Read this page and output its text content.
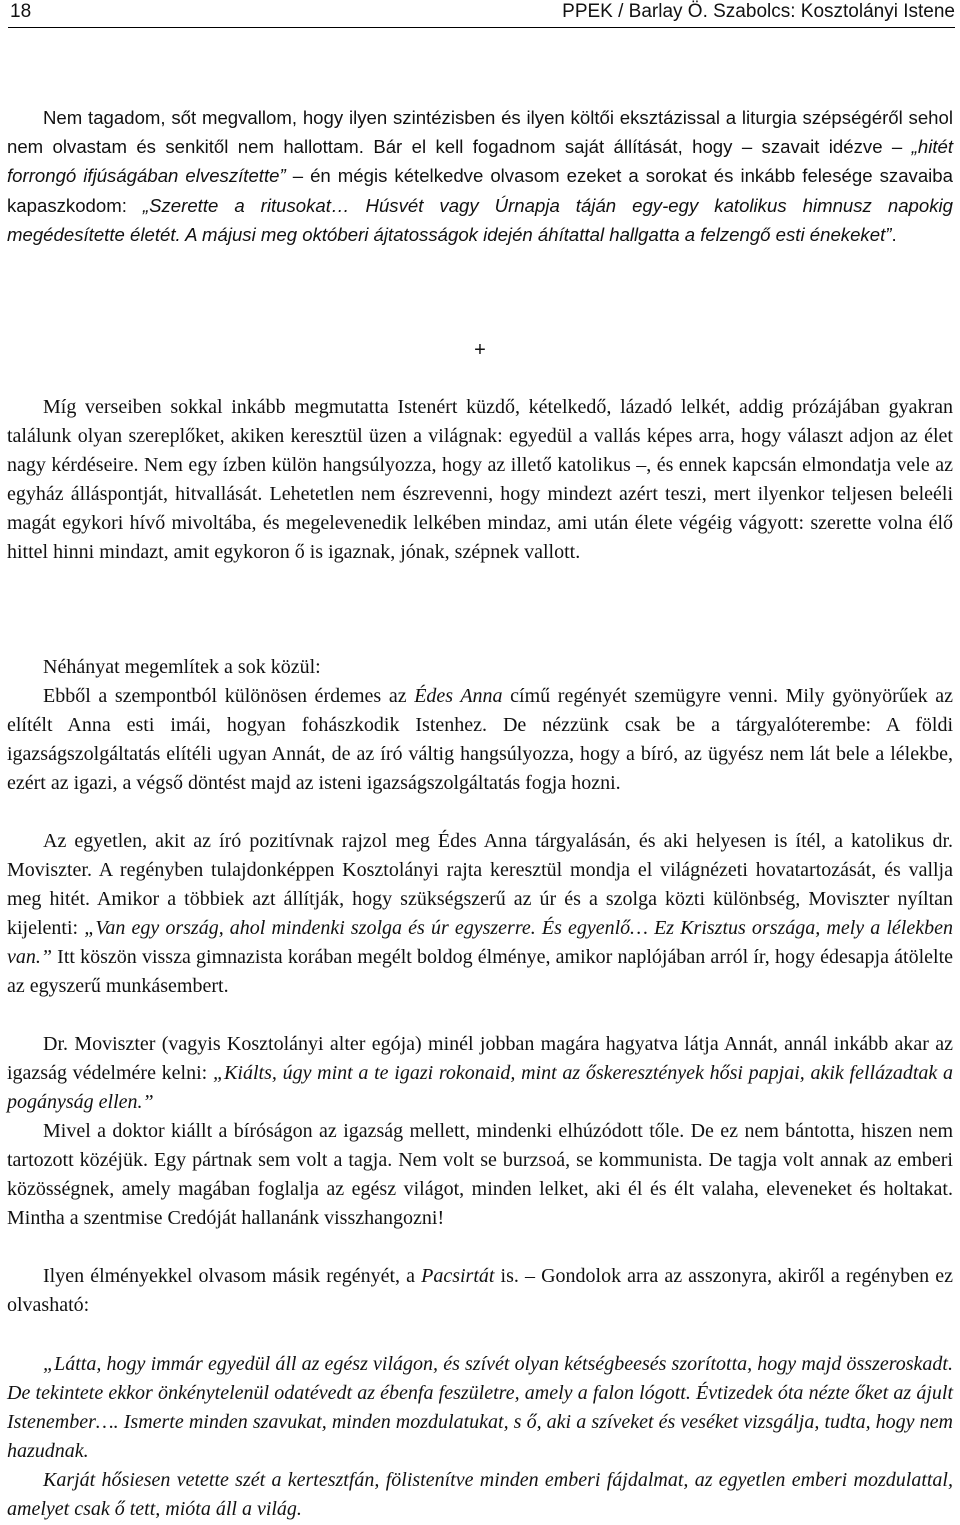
18	PPEK / Barlay Ö. Szabolcs: Kosztolányi Istene

Nem tagadom, sőt megvallom, hogy ilyen szintézisben és ilyen költői eksztázissal a liturgia szépségéről sehol nem olvastam és senkitől nem hallottam. Bár el kell fogadnom saját állítását, hogy – szavait idézve – „hitét forrongó ifjúságában elveszítette” – én mégis kételkedve olvasom ezeket a sorokat és inkább felesége szavaiba kapaszkodom: „Szerette a ritusokat… Húsvét vagy Úrnapja táján egy-egy katolikus himnusz napokig megédesítette életét. A májusi meg októberi ájtatosságok idején áhítattal hallgatta a felzengő esti énekeket”.

+

Míg verseiben sokkal inkább megmutatta Istenért küzdő, kételkedő, lázadó lelkét, addig prózájában gyakran találunk olyan szereplőket, akiken keresztül üzen a világnak: egyedül a vallás képes arra, hogy választ adjon az élet nagy kérdéseire. Nem egy ízben külön hangsúlyozza, hogy az illető katolikus –, és ennek kapcsán elmondatja vele az egyház álláspontját, hitvallását. Lehetetlen nem észrevenni, hogy mindezt azért teszi, mert ilyenkor teljesen beleéli magát egykori hívő mivoltába, és megelevenedik lelkében mindaz, ami után élete végéig vágyott: szerette volna élő hittel hinni mindazt, amit egykoron ő is igaznak, jónak, szépnek vallott.

Néhányat megemlítek a sok közül:

Ebből a szempontból különösen érdemes az Édes Anna című regényét szemügyre venni. Mily gyönyörűek az elítélt Anna esti imái, hogyan fohászkodik Istenhez. De nézzünk csak be a tárgyalóterembe: A földi igazságszolgáltatás elítéli ugyan Annát, de az író váltig hangsúlyozza, hogy a bíró, az ügyész nem lát bele a lélekbe, ezért az igazi, a végső döntést majd az isteni igazságszolgáltatás fogja hozni.

Az egyetlen, akit az író pozitívnak rajzol meg Édes Anna tárgyalásán, és aki helyesen is ítél, a katolikus dr. Moviszter. A regényben tulajdonképpen Kosztolányi rajta keresztül mondja el világnézeti hovatartozását, és vallja meg hitét. Amikor a többiek azt állítják, hogy szükségszerű az úr és a szolga közti különbség, Moviszter nyíltan kijelenti: „Van egy ország, ahol mindenki szolga és úr egyszerre. És egyenlő… Ez Krisztus országa, mely a lélekben van.” Itt köszön vissza gimnazista korában megélt boldog élménye, amikor naplójában arról ír, hogy édesapja átölelte az egyszerű munkásembert.

Dr. Moviszter (vagyis Kosztolányi alter egója) minél jobban magára hagyatva látja Annát, annál inkább akar az igazság védelmére kelni: „Kiálts, úgy mint a te igazi rokonaid, mint az őskeresztények hősi papjai, akik fellázadtak a pogányság ellen.”

Mivel a doktor kiállt a bíróságon az igazság mellett, mindenki elhúzódott tőle. De ez nem bántotta, hiszen nem tartozott közéjük. Egy pártnak sem volt a tagja. Nem volt se burzsoá, se kommunista. De tagja volt annak az emberi közösségnek, amely magában foglalja az egész világot, minden lelket, aki él és élt valaha, eleveneket és holtakat. Mintha a szentmise Credóját hallanánk visszhangozni!

Ilyen élményekkel olvasom másik regényét, a Pacsirtát is. – Gondolok arra az asszonyra, akiről a regényben ez olvasható:

„Látta, hogy immár egyedül áll az egész világon, és szívét olyan kétségbeesés szorította, hogy majd összeroskadt. De tekintete ekkor önkénytelenül odatévedt az ébenfa feszületre, amely a falon lógott. Évtizedek óta nézte őket az ájult Istenember…. Ismerte minden szavukat, minden mozdulatukat, s ő, aki a szíveket és veséket vizsgálja, tudta, hogy nem hazudnak.

Karját hősiesen vetette szét a kertesztfán, fölistenítve minden emberi fájdalmat, az egyetlen emberi mozdulattal, amelyet csak ő tett, mióta áll a világ.
